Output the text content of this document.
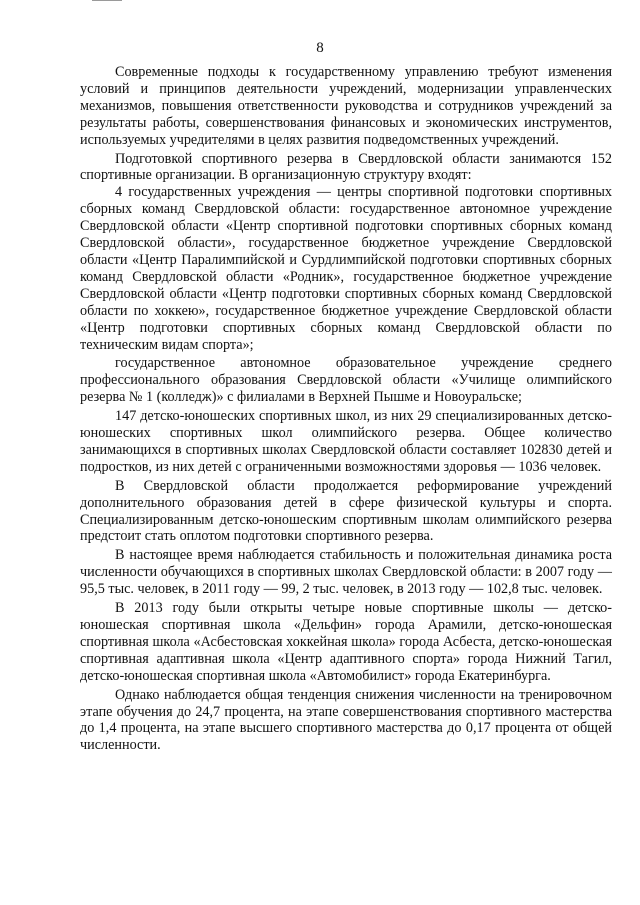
8

Современные подходы к государственному управлению требуют изменения условий и принципов деятельности учреждений, модернизации управленческих механизмов, повышения ответственности руководства и сотрудников учреждений за результаты работы, совершенствования финансовых и экономических инструментов, используемых учредителями в целях развития подведомственных учреждений.

Подготовкой спортивного резерва в Свердловской области занимаются 152 спортивные организации. В организационную структуру входят:

4 государственных учреждения — центры спортивной подготовки спортивных сборных команд Свердловской области: государственное автономное учреждение Свердловской области «Центр спортивной подготовки спортивных сборных команд Свердловской области», государственное бюджетное учреждение Свердловской области «Центр Паралимпийской и Сурдлимпийской подготовки спортивных сборных команд Свердловской области «Родник», государственное бюджетное учреждение Свердловской области «Центр подготовки спортивных сборных команд Свердловской области по хоккею», государственное бюджетное учреждение Свердловской области «Центр подготовки спортивных сборных команд Свердловской области по техническим видам спорта»;

государственное автономное образовательное учреждение среднего профессионального образования Свердловской области «Училище олимпийского резерва № 1 (колледж)» с филиалами в Верхней Пышме и Новоуральске;

147 детско-юношеских спортивных школ, из них 29 специализированных детско-юношеских спортивных школ олимпийского резерва. Общее количество занимающихся в спортивных школах Свердловской области составляет 102830 детей и подростков, из них детей с ограниченными возможностями здоровья — 1036 человек.

В Свердловской области продолжается реформирование учреждений дополнительного образования детей в сфере физической культуры и спорта. Специализированным детско-юношеским спортивным школам олимпийского резерва предстоит стать оплотом подготовки спортивного резерва.

В настоящее время наблюдается стабильность и положительная динамика роста численности обучающихся в спортивных школах Свердловской области: в 2007 году — 95,5 тыс. человек, в 2011 году — 99, 2 тыс. человек, в 2013 году — 102,8 тыс. человек.

В 2013 году были открыты четыре новые спортивные школы — детско-юношеская спортивная школа «Дельфин» города Арамили, детско-юношеская спортивная школа «Асбестовская хоккейная школа» города Асбеста, детско-юношеская спортивная адаптивная школа «Центр адаптивного спорта» города Нижний Тагил, детско-юношеская спортивная школа «Автомобилист» города Екатеринбурга.

Однако наблюдается общая тенденция снижения численности на тренировочном этапе обучения до 24,7 процента, на этапе совершенствования спортивного мастерства до 1,4 процента, на этапе высшего спортивного мастерства до 0,17 процента от общей численности.
